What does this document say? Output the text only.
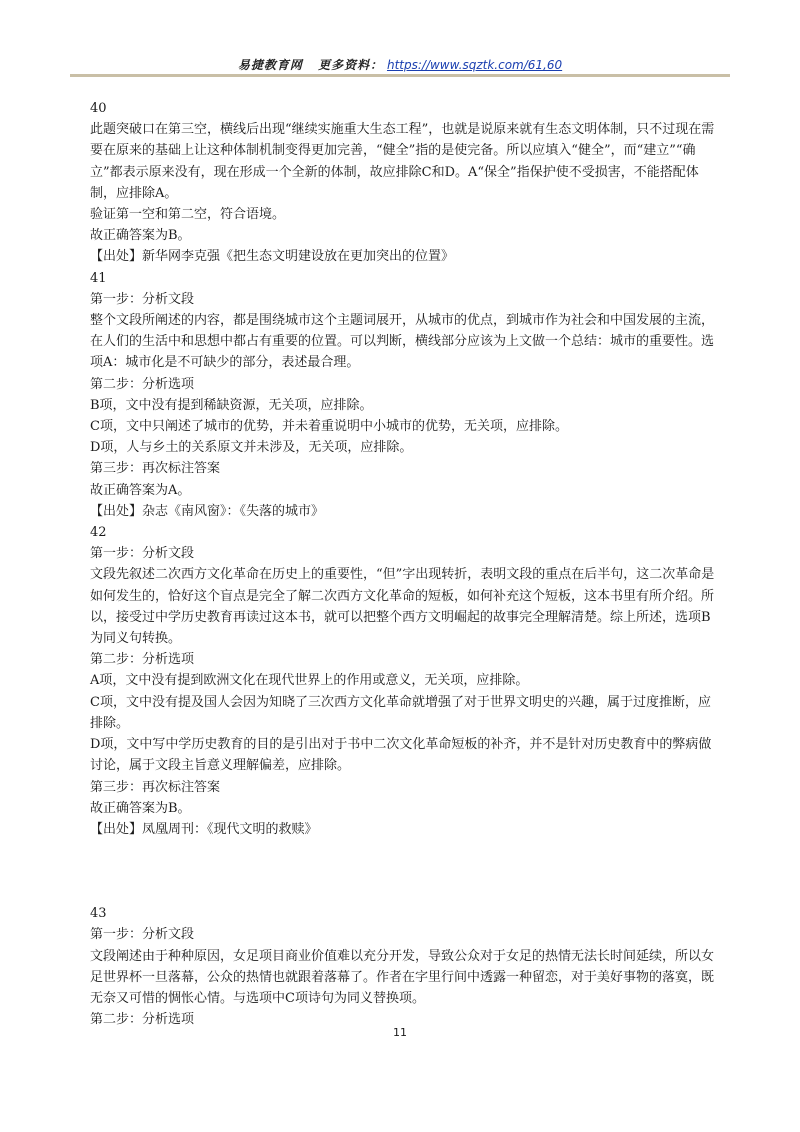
易捷教育网 更多资料： https://www.sqztk.com/61,60

40

此题突破口在第三空，横线后出现“继续实施重大生态工程”，也就是说原来就有生态文明体制，只不过现在需要在原来的基础上让这种体制机制变得更加完善，“健全”指的是使完备。所以应填入“健全”，而“建立”“确立”都表示原来没有，现在形成一个全新的体制，故应排除C和D。A“保全”指保护使不受损害，不能搭配体制，应排除A。

验证第一空和第二空，符合语境。

故正确答案为B。

【出处】新华网李克强《把生态文明建设放在更加突出的位置》

41

第一步：分析文段

整个文段所阐述的内容，都是围绕城市这个主题词展开，从城市的优点，到城市作为社会和中国发展的主流，在人们的生活中和思想中都占有重要的位置。可以判断，横线部分应该为上文做一个总结：城市的重要性。选项A：城市化是不可缺少的部分，表述最合理。

第二步：分析选项

B项，文中没有提到稀缺资源，无关项，应排除。

C项，文中只阐述了城市的优势，并未着重说明中小城市的优势，无关项，应排除。

D项，人与乡土的关系原文并未涉及，无关项，应排除。

第三步：再次标注答案

故正确答案为A。

【出处】杂志《南风窗》：《失落的城市》

42

第一步：分析文段

文段先叙述二次西方文化革命在历史上的重要性，“但”字出现转折，表明文段的重点在后半句，这二次革命是如何发生的，恰好这个盲点是完全了解二次西方文化革命的短板，如何补充这个短板，这本书里有所介绍。所以，接受过中学历史教育再读过这本书，就可以把整个西方文明崛起的故事完全理解清楚。综上所述，选项B为同义句转换。

第二步：分析选项

A项，文中没有提到欧洲文化在现代世界上的作用或意义，无关项，应排除。

C项，文中没有提及国人会因为知晓了三次西方文化革命就增强了对于世界文明史的兴趣，属于过度推断，应排除。

D项，文中写中学历史教育的目的是引出对于书中二次文化革命短板的补齐，并不是针对历史教育中的弊病做讨论，属于文段主旨意义理解偏差，应排除。

第三步：再次标注答案

故正确答案为B。

【出处】凤凰周刊：《现代文明的救赎》

43

第一步：分析文段

文段阐述由于种种原因，女足项目商业价值难以充分开发，导致公众对于女足的热情无法长时间延续，所以女足世界杯一旦落幕，公众的热情也就跟着落幕了。作者在字里行间中透露一种留恋，对于美好事物的落寞，既无奈又可惜的惆怅心情。与选项中C项诗句为同义替换项。

第二步：分析选项

11
